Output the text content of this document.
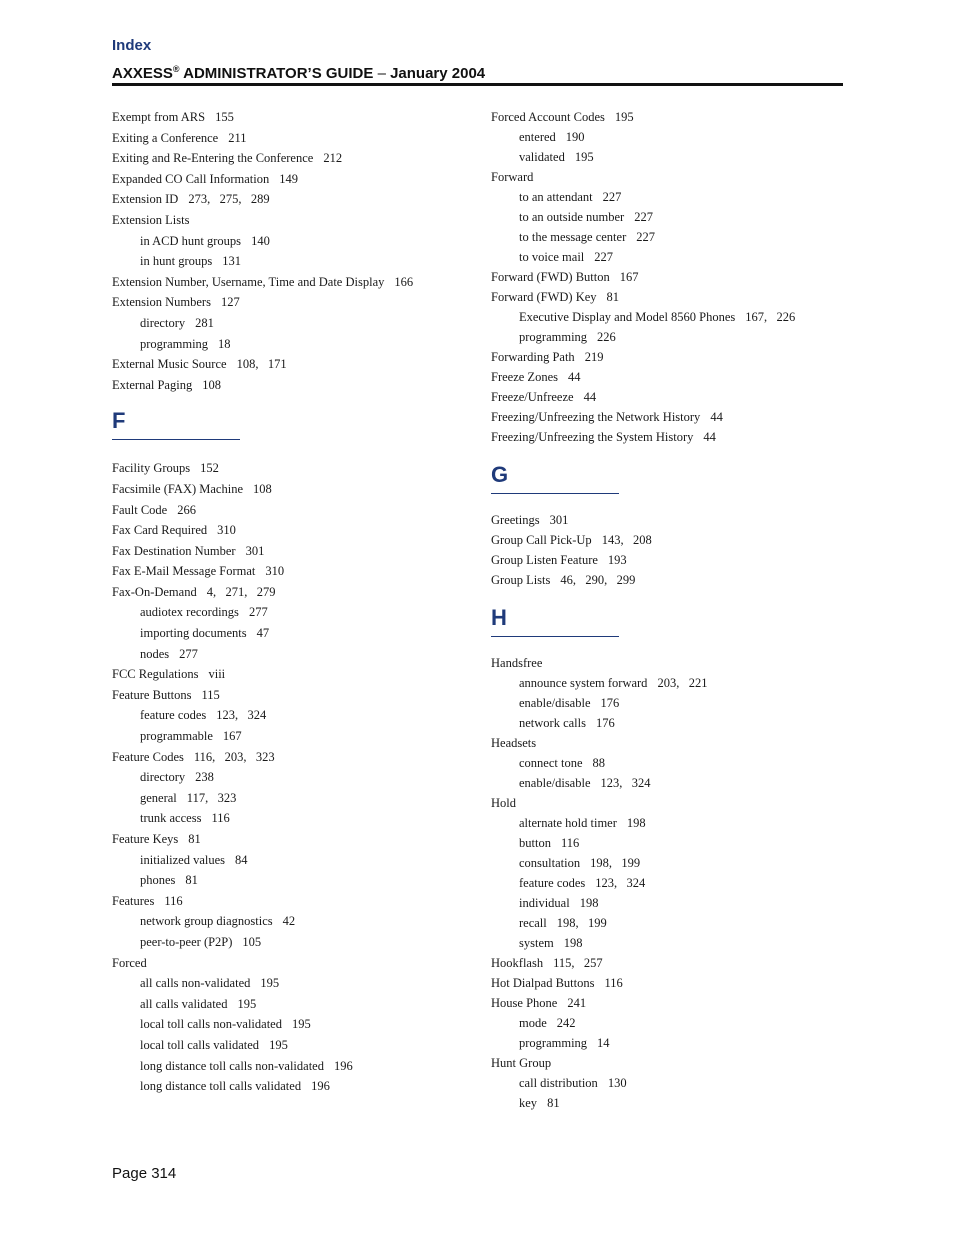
Index
AXXESS® ADMINISTRATOR’S GUIDE – January 2004
Exempt from ARS 155
Exiting a Conference 211
Exiting and Re-Entering the Conference 212
Expanded CO Call Information 149
Extension ID 273,   275,   289
Extension Lists
in ACD hunt groups 140
in hunt groups 131
Extension Number, Username, Time and Date Display 166
Extension Numbers 127
directory 281
programming 18
External Music Source 108,   171
External Paging 108
F
Facility Groups 152
Facsimile (FAX) Machine 108
Fault Code 266
Fax Card Required 310
Fax Destination Number 301
Fax E-Mail Message Format 310
Fax-On-Demand 4,   271,   279
audiotex recordings 277
importing documents 47
nodes 277
FCC Regulations viii
Feature Buttons 115
feature codes 123,   324
programmable 167
Feature Codes 116,   203,   323
directory 238
general 117,   323
trunk access 116
Feature Keys 81
initialized values 84
phones 81
Features 116
network group diagnostics 42
peer-to-peer (P2P) 105
Forced
all calls non-validated 195
all calls validated 195
local toll calls non-validated 195
local toll calls validated 195
long distance toll calls non-validated 196
long distance toll calls validated 196
Forced Account Codes 195
entered 190
validated 195
Forward
to an attendant 227
to an outside number 227
to the message center 227
to voice mail 227
Forward (FWD) Button 167
Forward (FWD) Key 81
Executive Display and Model 8560 Phones 167,   226
programming 226
Forwarding Path 219
Freeze Zones 44
Freeze/Unfreeze 44
Freezing/Unfreezing the Network History 44
Freezing/Unfreezing the System History 44
G
Greetings 301
Group Call Pick-Up 143,   208
Group Listen Feature 193
Group Lists 46,   290,   299
H
Handsfree
announce system forward 203,   221
enable/disable 176
network calls 176
Headsets
connect tone 88
enable/disable 123,   324
Hold
alternate hold timer 198
button 116
consultation 198,   199
feature codes 123,   324
individual 198
recall 198,   199
system 198
Hookflash 115,   257
Hot Dialpad Buttons 116
House Phone 241
mode 242
programming 14
Hunt Group
call distribution 130
key 81
Page 314
